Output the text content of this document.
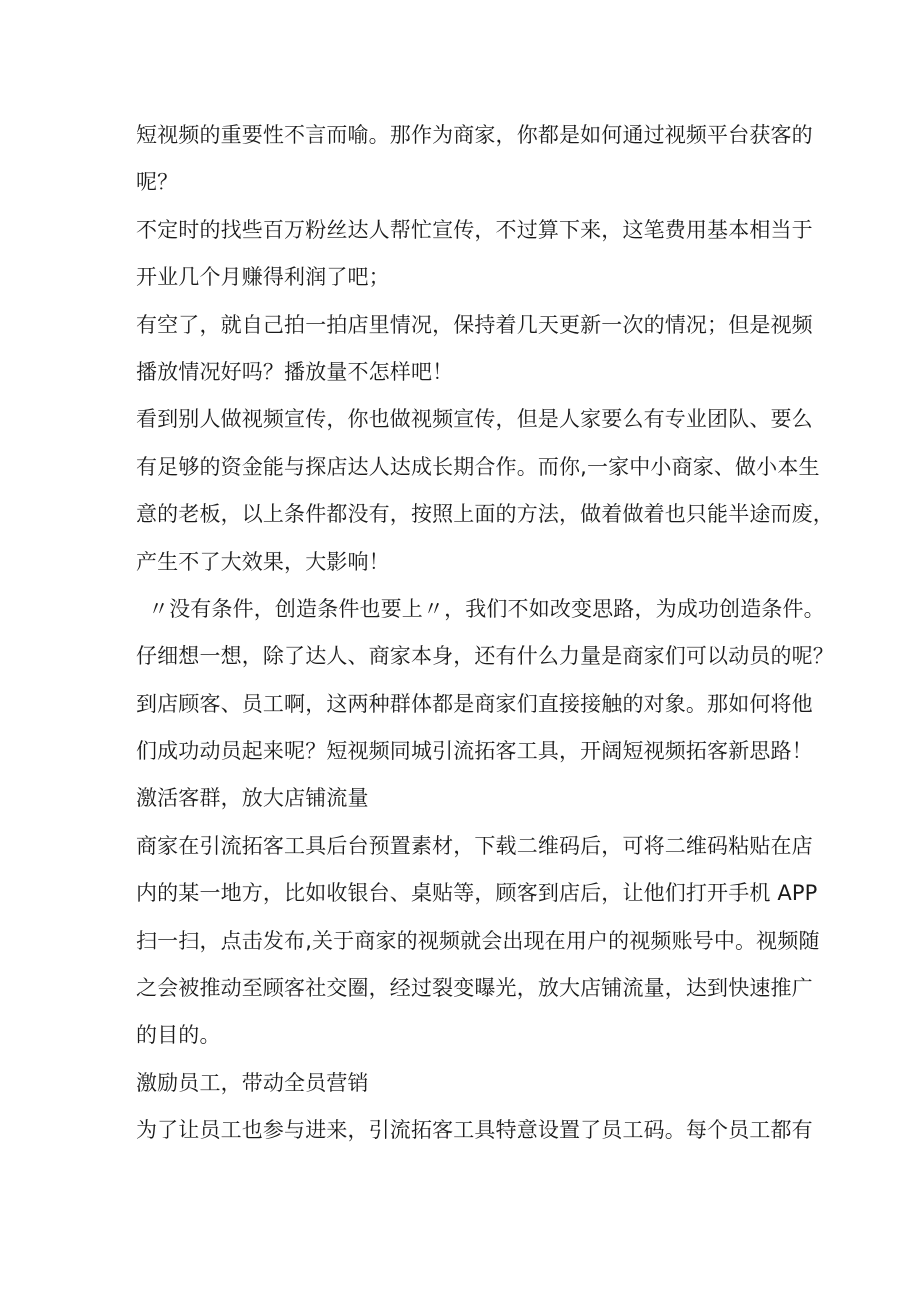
短视频的重要性不言而喻。那作为商家，你都是如何通过视频平台获客的
呢？
不定时的找些百万粉丝达人帮忙宣传，不过算下来，这笔费用基本相当于
开业几个月赚得利润了吧；
有空了，就自己拍一拍店里情况，保持着几天更新一次的情况；但是视频
播放情况好吗？播放量不怎样吧！
看到别人做视频宣传，你也做视频宣传，但是人家要么有专业团队、要么
有足够的资金能与探店达人达成长期合作。而你,一家中小商家、做小本生
意的老板，以上条件都没有，按照上面的方法，做着做着也只能半途而废，
产生不了大效果，大影响！
〃没有条件，创造条件也要上〃，我们不如改变思路，为成功创造条件。
仔细想一想，除了达人、商家本身，还有什么力量是商家们可以动员的呢？
到店顾客、员工啊，这两种群体都是商家们直接接触的对象。那如何将他
们成功动员起来呢？短视频同城引流拓客工具，开阔短视频拓客新思路！
激活客群，放大店铺流量
商家在引流拓客工具后台预置素材，下载二维码后，可将二维码粘贴在店
内的某一地方，比如收银台、桌贴等，顾客到店后，让他们打开手机 APP
扫一扫，点击发布,关于商家的视频就会出现在用户的视频账号中。视频随
之会被推动至顾客社交圈，经过裂变曝光，放大店铺流量，达到快速推广
的目的。
激励员工，带动全员营销
为了让员工也参与进来，引流拓客工具特意设置了员工码。每个员工都有
